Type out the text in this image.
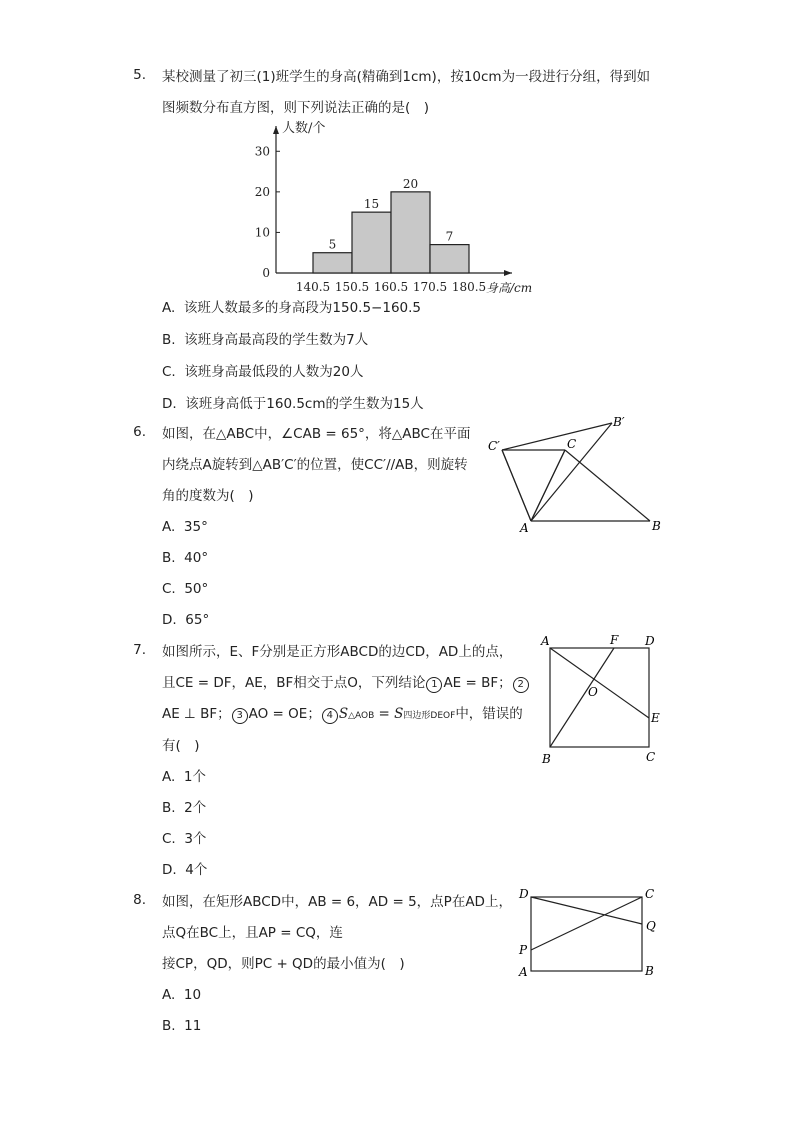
5. 某校测量了初三(1)班学生的身高(精确到1cm)，按10cm为一段进行分组，得到如
图频数分布直方图，则下列说法正确的是(　)
0
10
20
30
5
15
20
7
140.5 150.5 160.5 170.5 180.5
人数/个
身高/cm
A. 该班人数最多的身高段为150.5−160.5
B. 该班身高最高段的学生数为7人
C. 该班身高最低段的人数为20人
D. 该班身高低于160.5cm的学生数为15人
6. 如图，在△ABC中，∠CAB = 65°，将△ABC在平面
内绕点A旋转到△AB′C′的位置，使CC′//AB，则旋转
角的度数为(　)
C′	C
B′
A	B
A. 35°
B. 40°
C. 50°
D. 65°
7. 如图所示，E、F分别是正方形ABCD的边CD，AD上的点，
且CE = DF，AE，BF相交于点O，下列结论 1 AE = BF； 2
AE ⊥ BF； 3 AO = OE； 4 S△AOB = S四边形DEOF中，错误的
有(　)
A	F D
O
E
B	C
A. 1个
B. 2个
C. 3个
D. 4个
8. 如图，在矩形ABCD中，AB = 6，AD = 5，点P在AD上，
点Q在BC上，且AP = CQ，连
接CP，QD，则PC + QD的最小值为(　)
D	C
Q
P
A	B
A. 10
B. 11
